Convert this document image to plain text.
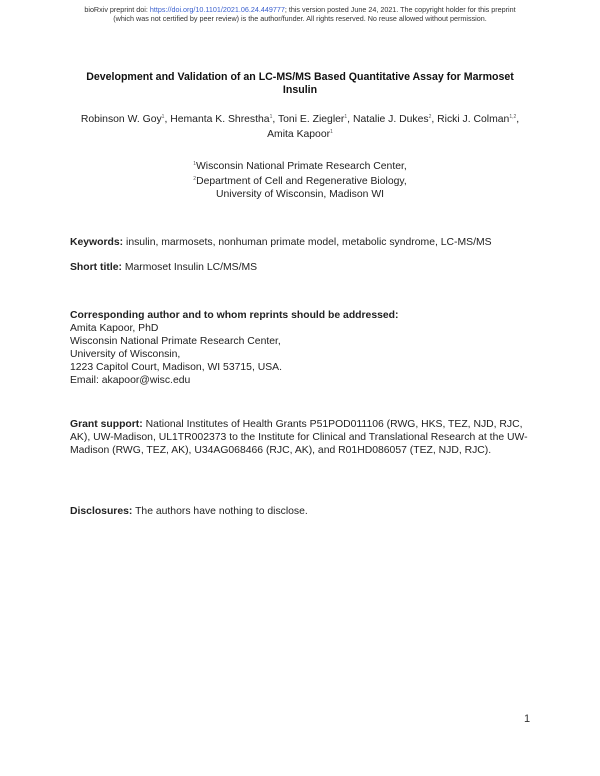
bioRxiv preprint doi: https://doi.org/10.1101/2021.06.24.449777; this version posted June 24, 2021. The copyright holder for this preprint
(which was not certified by peer review) is the author/funder. All rights reserved. No reuse allowed without permission.
Development and Validation of an LC-MS/MS Based Quantitative Assay for Marmoset Insulin
Robinson W. Goy$^1$, Hemanta K. Shrestha$^1$, Toni E. Ziegler$^1$, Natalie J. Dukes$^2$, Ricki J. Colman$^{1,2}$,
Amita Kapoor$^1$
$^1$Wisconsin National Primate Research Center,
$^2$Department of Cell and Regenerative Biology,
University of Wisconsin, Madison WI
Keywords: insulin, marmosets, nonhuman primate model, metabolic syndrome, LC-MS/MS
Short title: Marmoset Insulin LC/MS/MS
Corresponding author and to whom reprints should be addressed:
Amita Kapoor, PhD
Wisconsin National Primate Research Center,
University of Wisconsin,
1223 Capitol Court, Madison, WI 53715, USA.
Email: akapoor@wisc.edu
Grant support: National Institutes of Health Grants P51POD011106 (RWG, HKS, TEZ, NJD, RJC, AK), UW-Madison, UL1TR002373 to the Institute for Clinical and Translational Research at the UW-Madison (RWG, TEZ, AK), U34AG068466 (RJC, AK), and R01HD086057 (TEZ, NJD, RJC).
Disclosures: The authors have nothing to disclose.
1
